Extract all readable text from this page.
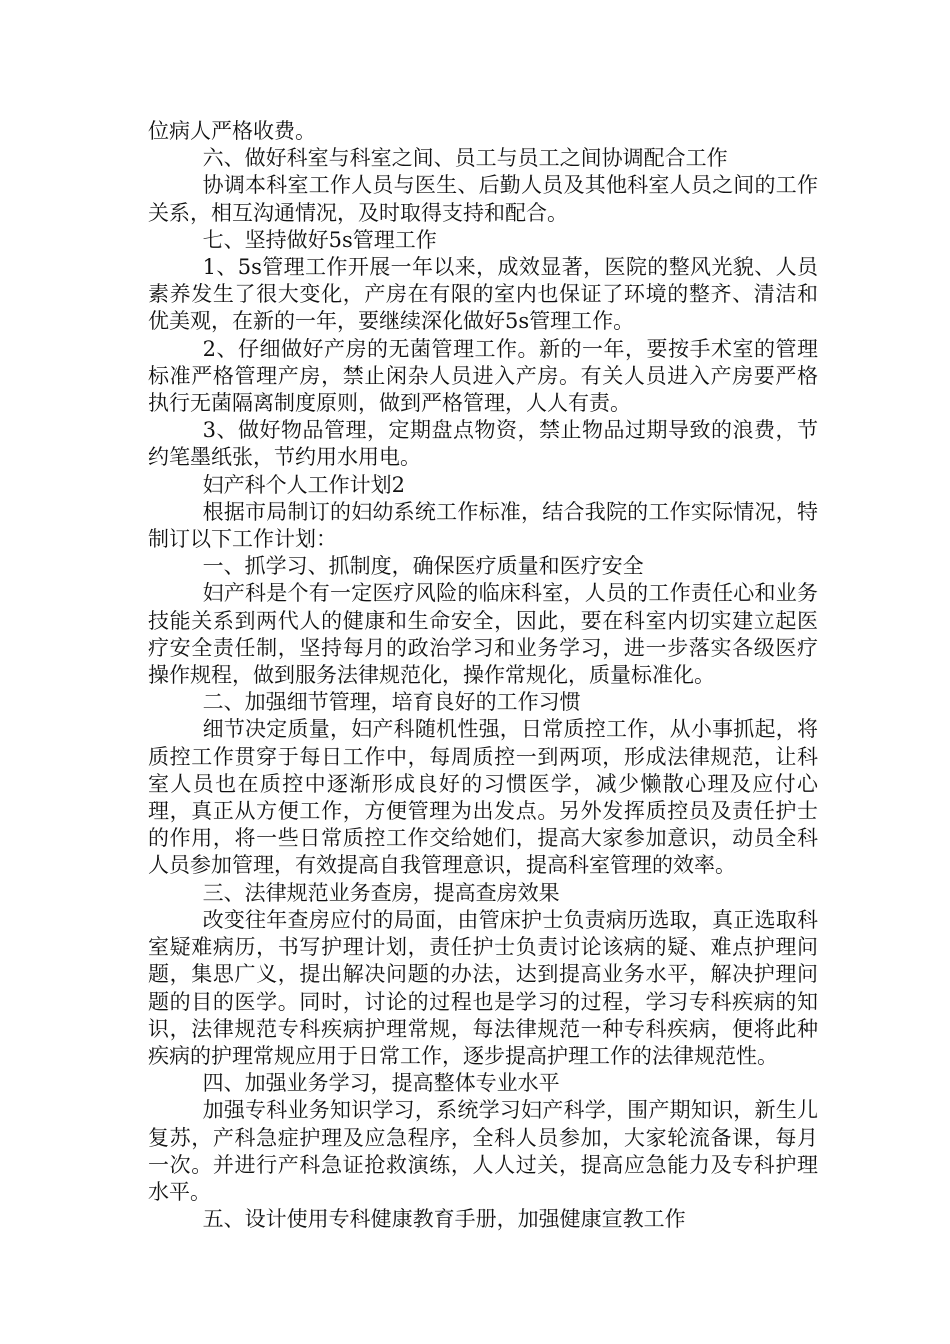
位病人严格收费。

六、做好科室与科室之间、员工与员工之间协调配合工作

协调本科室工作人员与医生、后勤人员及其他科室人员之间的工作关系，相互沟通情况，及时取得支持和配合。

七、坚持做好5s管理工作

1、5s管理工作开展一年以来，成效显著，医院的整风光貌、人员素养发生了很大变化，产房在有限的室内也保证了环境的整齐、清洁和优美观，在新的一年，要继续深化做好5s管理工作。

2、仔细做好产房的无菌管理工作。新的一年，要按手术室的管理标准严格管理产房，禁止闲杂人员进入产房。有关人员进入产房要严格执行无菌隔离制度原则，做到严格管理，人人有责。

3、做好物品管理，定期盘点物资，禁止物品过期导致的浪费，节约笔墨纸张，节约用水用电。

妇产科个人工作计划2

根据市局制订的妇幼系统工作标准，结合我院的工作实际情况，特制订以下工作计划：

一、抓学习、抓制度，确保医疗质量和医疗安全

妇产科是个有一定医疗风险的临床科室，人员的工作责任心和业务技能关系到两代人的健康和生命安全，因此，要在科室内切实建立起医疗安全责任制，坚持每月的政治学习和业务学习，进一步落实各级医疗操作规程，做到服务法律规范化，操作常规化，质量标准化。

二、加强细节管理，培育良好的工作习惯

细节决定质量，妇产科随机性强，日常质控工作，从小事抓起，将质控工作贯穿于每日工作中，每周质控一到两项，形成法律规范，让科室人员也在质控中逐渐形成良好的习惯医学，减少懒散心理及应付心理，真正从方便工作，方便管理为出发点。另外发挥质控员及责任护士的作用，将一些日常质控工作交给她们，提高大家参加意识，动员全科人员参加管理，有效提高自我管理意识，提高科室管理的效率。

三、法律规范业务查房，提高查房效果

改变往年查房应付的局面，由管床护士负责病历选取，真正选取科室疑难病历，书写护理计划，责任护士负责讨论该病的疑、难点护理问题，集思广义，提出解决问题的办法，达到提高业务水平，解决护理问题的目的医学。同时，讨论的过程也是学习的过程，学习专科疾病的知识，法律规范专科疾病护理常规，每法律规范一种专科疾病，便将此种疾病的护理常规应用于日常工作，逐步提高护理工作的法律规范性。

四、加强业务学习，提高整体专业水平

加强专科业务知识学习，系统学习妇产科学，围产期知识，新生儿复苏，产科急症护理及应急程序，全科人员参加，大家轮流备课，每月一次。并进行产科急证抢救演练，人人过关，提高应急能力及专科护理水平。

五、设计使用专科健康教育手册，加强健康宣教工作
